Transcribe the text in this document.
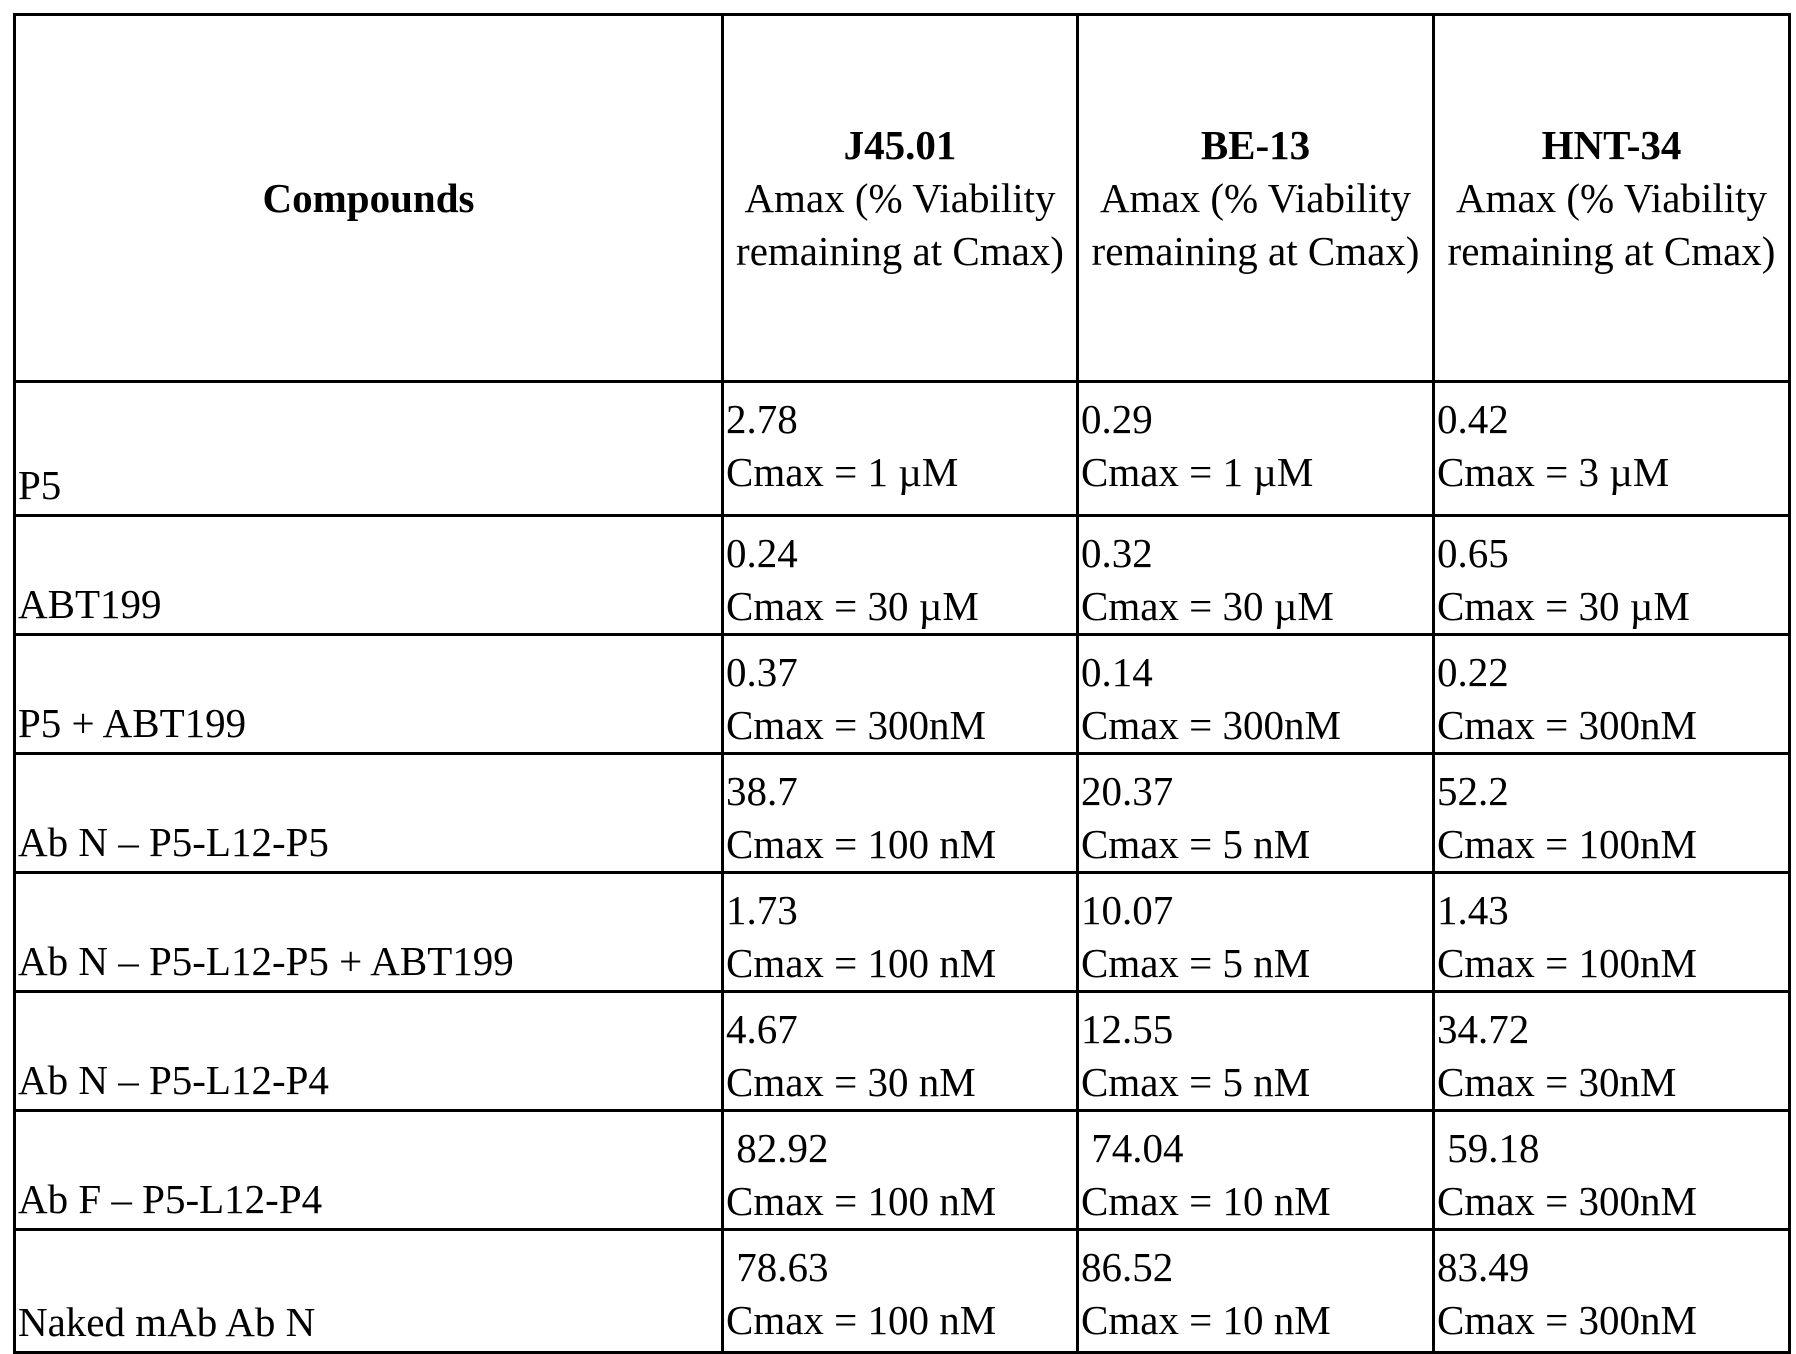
Compounds	
J45.01
Amax (% Viability remaining at Cmax)	
BE-13
Amax (% Viability remaining at Cmax)	
HNT-34
Amax (% Viability remaining at Cmax)
P5	
2.78
Cmax = 1 µM

0.29
Cmax = 1 µM

0.42
Cmax = 3 µM

ABT199	
0.24
Cmax = 30 µM

0.32
Cmax = 30 µM

0.65
Cmax = 30 µM

P5 + ABT199	
0.37
Cmax = 300nM

0.14
Cmax = 300nM

0.22
Cmax = 300nM

Ab N – P5-L12-P5	
38.7
Cmax = 100 nM

20.37
Cmax = 5 nM

52.2
Cmax = 100nM

Ab N – P5-L12-P5 + ABT199	
1.73
Cmax = 100 nM

10.07
Cmax = 5 nM

1.43
Cmax = 100nM

Ab N – P5-L12-P4	
4.67
Cmax = 30 nM

12.55
Cmax = 5 nM

34.72
Cmax = 30nM

Ab F – P5-L12-P4	
82.92
Cmax = 100 nM

74.04
Cmax = 10 nM

59.18
Cmax = 300nM

Naked mAb Ab N	
78.63
Cmax = 100 nM

86.52
Cmax = 10 nM

83.49
Cmax = 300nM
